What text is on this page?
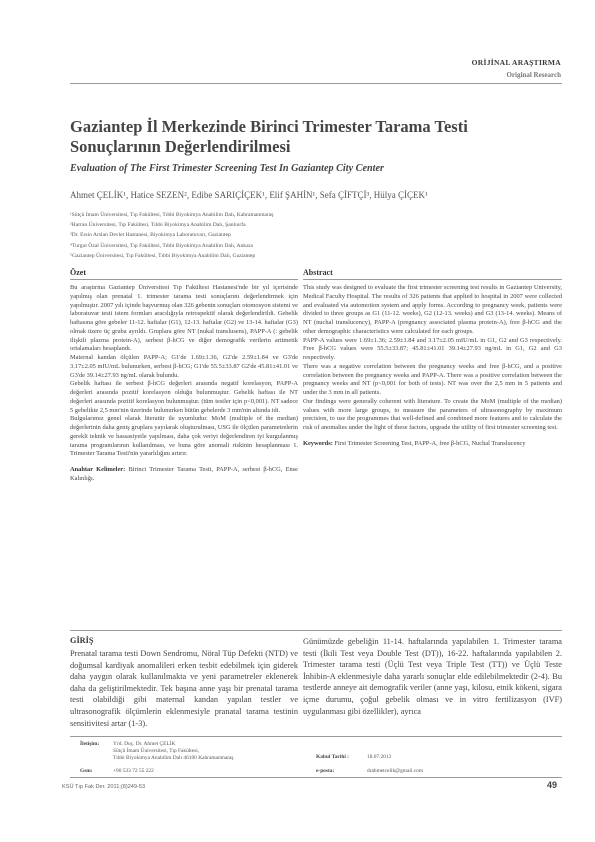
ORİJİNAL ARAŞTIRMA
Original Research
Gaziantep İl Merkezinde Birinci Trimester Tarama Testi Sonuçlarının Değerlendirilmesi
Evaluation of The First Trimester Screening Test In Gaziantep City Center
Ahmet ÇELİK¹, Hatice SEZEN², Edibe SARIÇİÇEK¹, Elif ŞAHİN¹, Sefa ÇİFTÇİ³, Hülya ÇİÇEK¹
¹Sütçü İmam Üniversitesi, Tıp Fakültesi, Tıbbi Biyokimya Anabilim Dalı, Kahramanmaraş
²Harran Üniversitesi, Tıp Fakültesi, Tıbbi Biyokimya Anabilim Dalı, Şanlıurfa
³Dr. Ersin Arslan Devlet Hastanesi, Biyokimya Laboratuvarı, Gaziantep
⁴Turgut Özal Üniversitesi, Tıp Fakültesi, Tıbbi Biyokimya Anabilim Dalı, Ankara
⁵Gaziantep Üniversitesi, Tıp Fakültesi, Tıbbi Biyokimya Anabilim Dalı, Gaziantep
Özet

Bu araştırma Gaziantep Üniversitesi Tıp Fakültesi Hastanesi'nde bir yıl içerisinde yapılmış olan prenatal 1. trimester tarama testi sonuçlarını değerlendirmek için yapılmıştır. 2007 yılı içinde başvurmuş olan 326 gebenin sonuçları otomosyon sistemi ve laboratuvar testi istem formları aracılığıyla retrospektif olarak değerlendirildi. Gebelik haftasına göre gebeler 11-12. haftalar (G1), 12-13. haftalar (G2) ve 13-14. haftalar (G3) olmak üzere üç gruba ayrıldı. Gruplara göre NT (nukal translusens), PAPP-A (: gebelik ilişkili plazma protein-A), serbest β-hCG ve diğer demografik verilerin aritmetik ortalamaları hesaplandı.

Maternal kandan ölçülen PAPP-A; G1'de 1.69±1.36, G2'de 2.59±1.84 ve G3'de 3.17±2.05 mIU/mL bulunurken, serbest β-hCG; G1'de 55.5±33.87 G2'de 45.81±41.01 ve G3'de 39.14±27.93 ng/mL olarak bulundu.

Gebelik haftası ile serbest β-hCG değerleri arasında negatif korelasyon, PAPP-A değerleri arasında pozitif korelasyon olduğu bulunmuştur. Gebelik haftası ile NT değerleri arasında pozitif korelasyon bulunmuştur. (tüm testler için p<0,001). NT sadece 5 gebelikte 2,5 mm'nin üzerinde bulunurken bütün gebelerde 3 mm'nin altında idi.

Bulgularımız genel olarak literatür ile uyumludur. MoM (multiple of the median) değerlerinin daha geniş gruplara yayılarak oluşturulması, USG ile ölçülen parametrelerin gerekli teknik ve hassasiyetle yapılması, daha çok veriyi değerlendiren iyi kurgulanmış tarama programlarının kullanılması, ve buna göre anomali riskinin hesaplanması 1. Trimester Tarama Testi'nin yararlılığını artırır.

Anahtar Kelimeler: Birinci Trimester Tarama Testi, PAPP-A, serbest β-hCG, Ense Kalınlığı.

Abstract

This study was designed to evaluate the first trimester screening test results in Gaziantep University, Medical Faculty Hospital. The results of 326 patients that applied to hospital in 2007 were collected and evaluated via automotion system and apply forms. According to pregnancy week, patients were divided to three groups as G1 (11-12. weeks), G2 (12-13. weeks) and G3 (13-14. weeks). Means of NT (nuchal translucency), PAPP-A (pregnancy associated plasma protein-A), free β-hCG and the other demographic characteristics were calculated for each groups.

PAPP-A values were 1.69±1.36; 2.59±1.84 and 3.17±2.05 mIU/mL in G1, G2 and G3 respectively. Free β-hCG values were 55.5±33.87; 45.81±41.01 39.14±27.93 ng/mL in G1, G2 and G3 respectively.

There was a negative correlation between the pregnancy weeks and free β-hCG, and a positive correlation between the pregnancy weeks and PAPP-A. There was a positive correlation between the pregnancy weeks and NT (p<0,001 for both of tests). NT was over the 2,5 mm in 5 patients and under the 3 mm in all patients.

Our findings were generally coherent with literature. To create the MoM (multiple of the median) values with more large groups, to measure the parameters of ultrasonography by maximum precision, to use the programmes that well-defined and combined more features and to calculate the risk of anomalies under the light of these factors, upgrade the utility of first trimester screening test.

Keywords: First Trimester Screening Test, PAPP-A, free β-hCG, Nuchal Translucency

GİRİŞ
Prenatal tarama testi Down Sendromu, Nöral Tüp Defekti (NTD) ve doğumsal kardiyak anomalileri erken tesbit edebilmek için giderek daha yaygın olarak kullanılmakta ve yeni parametreler eklenerek daha da geliştirilmektedir. Tek başına anne yaşı bir prenatal tarama testi olabildiği gibi maternal kandan yapılan testler ve ultrasonografik ölçümlerin eklenmesiyle pranatal tarama testinin sensitivitesi artar (1-3).
Günümüzde gebeliğin 11-14. haftalarında yapılabilen 1. Trimester tarama testi (İkili Test veya Double Test (DT)), 16-22. haftalarında yapılabilen 2. Trimester tarama testi (Üçlü Test veya Triple Test (TT)) ve Üçlü Teste İnhibin-A eklenmesiyle daha yararlı sonuçlar elde edilebilmektedir (2-4). Bu testlerde anneye ait demografik veriler (anne yaşı, kilosu, etnik kökeni, sigara içme durumu, çoğul gebelik olması ve in vitro fertilizasyon (IVF) uygulanması gibi özellikler), ayrıca
İletişim:	Yrd. Doç. Dr. Ahmet ÇELİK
Sütçü İmam Üniversitesi, Tıp Fakültesi,
Tıbbi Biyokimya Anabilim Dalı 46100 Kahramanmaraş
Gsm:	+90 533 72 55 222
Kabul Tarihi :	18.07.2013
e-posta:	drahmetcelik@gmail.com
KSÜ Tıp Fak Der. 2011;(8)249-53	49
